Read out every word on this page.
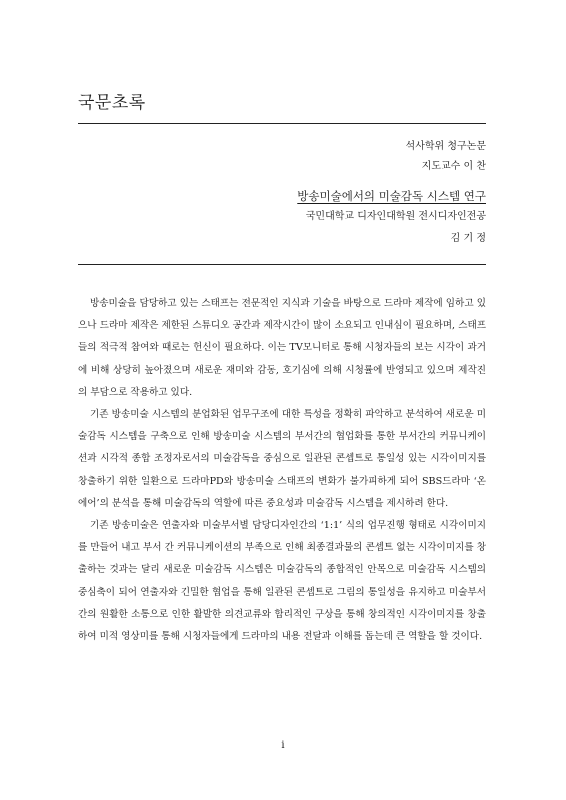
국문초록
석사학위 청구논문
지도교수 이 찬
방송미술에서의 미술감독 시스템 연구
국민대학교 디자인대학원 전시디자인전공
김 기 정

방송미술을 담당하고 있는 스태프는 전문적인 지식과 기술을 바탕으로 드라마 제작에 임하고 있으나 드라마 제작은 제한된 스튜디오 공간과 제작시간이 많이 소요되고 인내심이 필요하며, 스태프들의 적극적 참여와 때로는 헌신이 필요하다. 이는 TV모니터로 통해 시청자들의 보는 시각이 과거에 비해 상당히 높아졌으며 새로운 재미와 감동, 호기심에 의해 시청률에 반영되고 있으며 제작진의 부담으로 작용하고 있다.

기존 방송미술 시스템의 분업화된 업무구조에 대한 특성을 정확히 파악하고 분석하여 새로운 미술감독 시스템을 구축으로 인해 방송미술 시스템의 부서간의 협업화를 통한 부서간의 커뮤니케이션과 시각적 종합 조정자로서의 미술감독을 중심으로 일관된 콘셉트로 통일성 있는 시각이미지를 창출하기 위한 일환으로 드라마PD와 방송미술 스태프의 변화가 불가피하게 되어 SBS드라마 ‘온에어’의 분석을 통해 미술감독의 역할에 따른 중요성과 미술감독 시스템을 제시하려 한다.

기존 방송미술은 연출자와 미술부서별 담당디자인간의 ‘1:1’ 식의 업무진행 형태로 시각이미지를 만들어 내고 부서 간 커뮤니케이션의 부족으로 인해 최종결과물의 콘셉트 없는 시각이미지를 창출하는 것과는 달리 새로운 미술감독 시스템은 미술감독의 종합적인 안목으로 미술감독 시스템의 중심축이 되어 연출자와 긴밀한 협업을 통해 일관된 콘셉트로 그림의 통일성을 유지하고 미술부서간의 원활한 소통으로 인한 활발한 의견교류와 합리적인 구상을 통해 창의적인 시각이미지를 창출하여 미적 영상미를 통해 시청자들에게 드라마의 내용 전달과 이해를 돕는데 큰 역할을 할 것이다.

i
